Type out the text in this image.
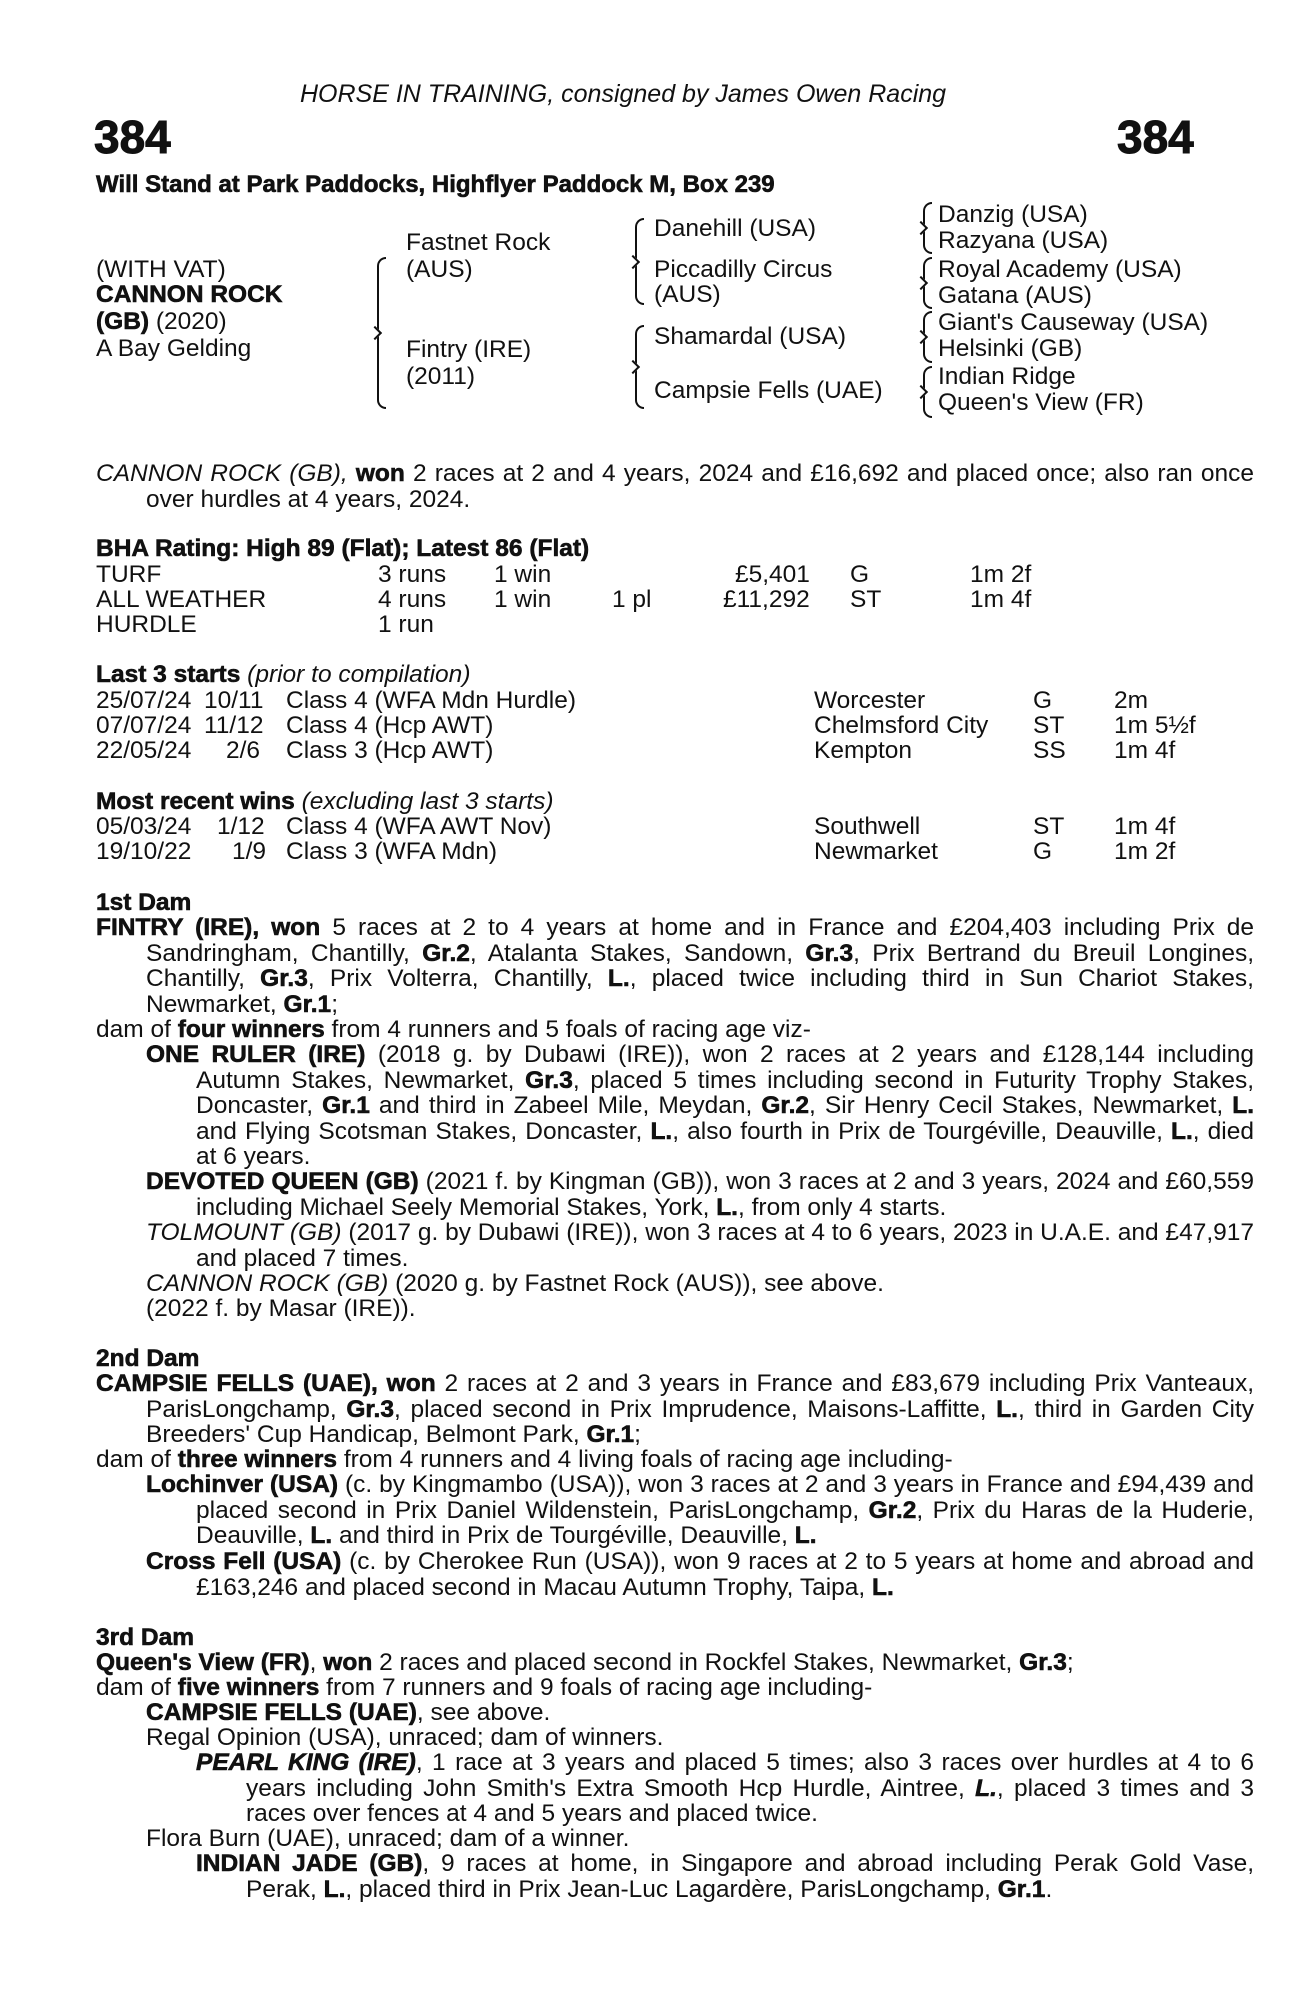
HORSE IN TRAINING, consigned by James Owen Racing
384	384
Will Stand at Park Paddocks, Highflyer Paddock M, Box 239
(WITH VAT)
CANNON ROCK
(GB) (2020)
A Bay Gelding
Fastnet Rock
(AUS)
Fintry (IRE)
(2011)
Danehill (USA)
Piccadilly Circus
(AUS)
Shamardal (USA)
Campsie Fells (UAE)
Danzig (USA)
Razyana (USA)
Royal Academy (USA)
Gatana (AUS)
Giant's Causeway (USA)
Helsinki (GB)
Indian Ridge
Queen's View (FR)
CANNON ROCK (GB), won 2 races at 2 and 4 years, 2024 and £16,692 and placed once; also ran once over hurdles at 4 years, 2024.
BHA Rating: High 89 (Flat); Latest 86 (Flat)
TURF	3 runs 1 win	£5,401 G	1m 2f
ALL WEATHER	4 runs 1 win 1 pl	£11,292 ST	1m 4f
HURDLE	1 run
Last 3 starts (prior to compilation)
25/07/24 10/11 Class 4 (WFA Mdn Hurdle)	Worcester	G	2m
07/07/24 11/12 Class 4 (Hcp AWT)	Chelmsford City ST 1m 5½f
22/05/24 2/6 Class 3 (Hcp AWT)	Kempton	SS 1m 4f
Most recent wins (excluding last 3 starts)
05/03/24 1/12 Class 4 (WFA AWT Nov)	Southwell	ST 1m 4f
19/10/22 1/9 Class 3 (WFA Mdn)	Newmarket	G	1m 2f
1st Dam
FINTRY (IRE), won 5 races at 2 to 4 years at home and in France and £204,403 including Prix de Sandringham, Chantilly, Gr.2, Atalanta Stakes, Sandown, Gr.3, Prix Bertrand du Breuil Longines, Chantilly, Gr.3, Prix Volterra, Chantilly, L., placed twice including third in Sun Chariot Stakes, Newmarket, Gr.1;
dam of four winners from 4 runners and 5 foals of racing age viz-
ONE RULER (IRE) (2018 g. by Dubawi (IRE)), won 2 races at 2 years and £128,144 including Autumn Stakes, Newmarket, Gr.3, placed 5 times including second in Futurity Trophy Stakes, Doncaster, Gr.1 and third in Zabeel Mile, Meydan, Gr.2, Sir Henry Cecil Stakes, Newmarket, L. and Flying Scotsman Stakes, Doncaster, L., also fourth in Prix de Tourgéville, Deauville, L., died at 6 years.
DEVOTED QUEEN (GB) (2021 f. by Kingman (GB)), won 3 races at 2 and 3 years, 2024 and £60,559 including Michael Seely Memorial Stakes, York, L., from only 4 starts.
TOLMOUNT (GB) (2017 g. by Dubawi (IRE)), won 3 races at 4 to 6 years, 2023 in U.A.E. and £47,917 and placed 7 times.
CANNON ROCK (GB) (2020 g. by Fastnet Rock (AUS)), see above.
(2022 f. by Masar (IRE)).
2nd Dam
CAMPSIE FELLS (UAE), won 2 races at 2 and 3 years in France and £83,679 including Prix Vanteaux, ParisLongchamp, Gr.3, placed second in Prix Imprudence, Maisons-Laffitte, L., third in Garden City Breeders' Cup Handicap, Belmont Park, Gr.1;
dam of three winners from 4 runners and 4 living foals of racing age including-
Lochinver (USA) (c. by Kingmambo (USA)), won 3 races at 2 and 3 years in France and £94,439 and placed second in Prix Daniel Wildenstein, ParisLongchamp, Gr.2, Prix du Haras de la Huderie, Deauville, L. and third in Prix de Tourgéville, Deauville, L.
Cross Fell (USA) (c. by Cherokee Run (USA)), won 9 races at 2 to 5 years at home and abroad and £163,246 and placed second in Macau Autumn Trophy, Taipa, L.
3rd Dam
Queen's View (FR), won 2 races and placed second in Rockfel Stakes, Newmarket, Gr.3;
dam of five winners from 7 runners and 9 foals of racing age including-
CAMPSIE FELLS (UAE), see above.
Regal Opinion (USA), unraced; dam of winners.
PEARL KING (IRE), 1 race at 3 years and placed 5 times; also 3 races over hurdles at 4 to 6 years including John Smith's Extra Smooth Hcp Hurdle, Aintree, L., placed 3 times and 3 races over fences at 4 and 5 years and placed twice.
Flora Burn (UAE), unraced; dam of a winner.
INDIAN JADE (GB), 9 races at home, in Singapore and abroad including Perak Gold Vase, Perak, L., placed third in Prix Jean-Luc Lagardère, ParisLongchamp, Gr.1.
